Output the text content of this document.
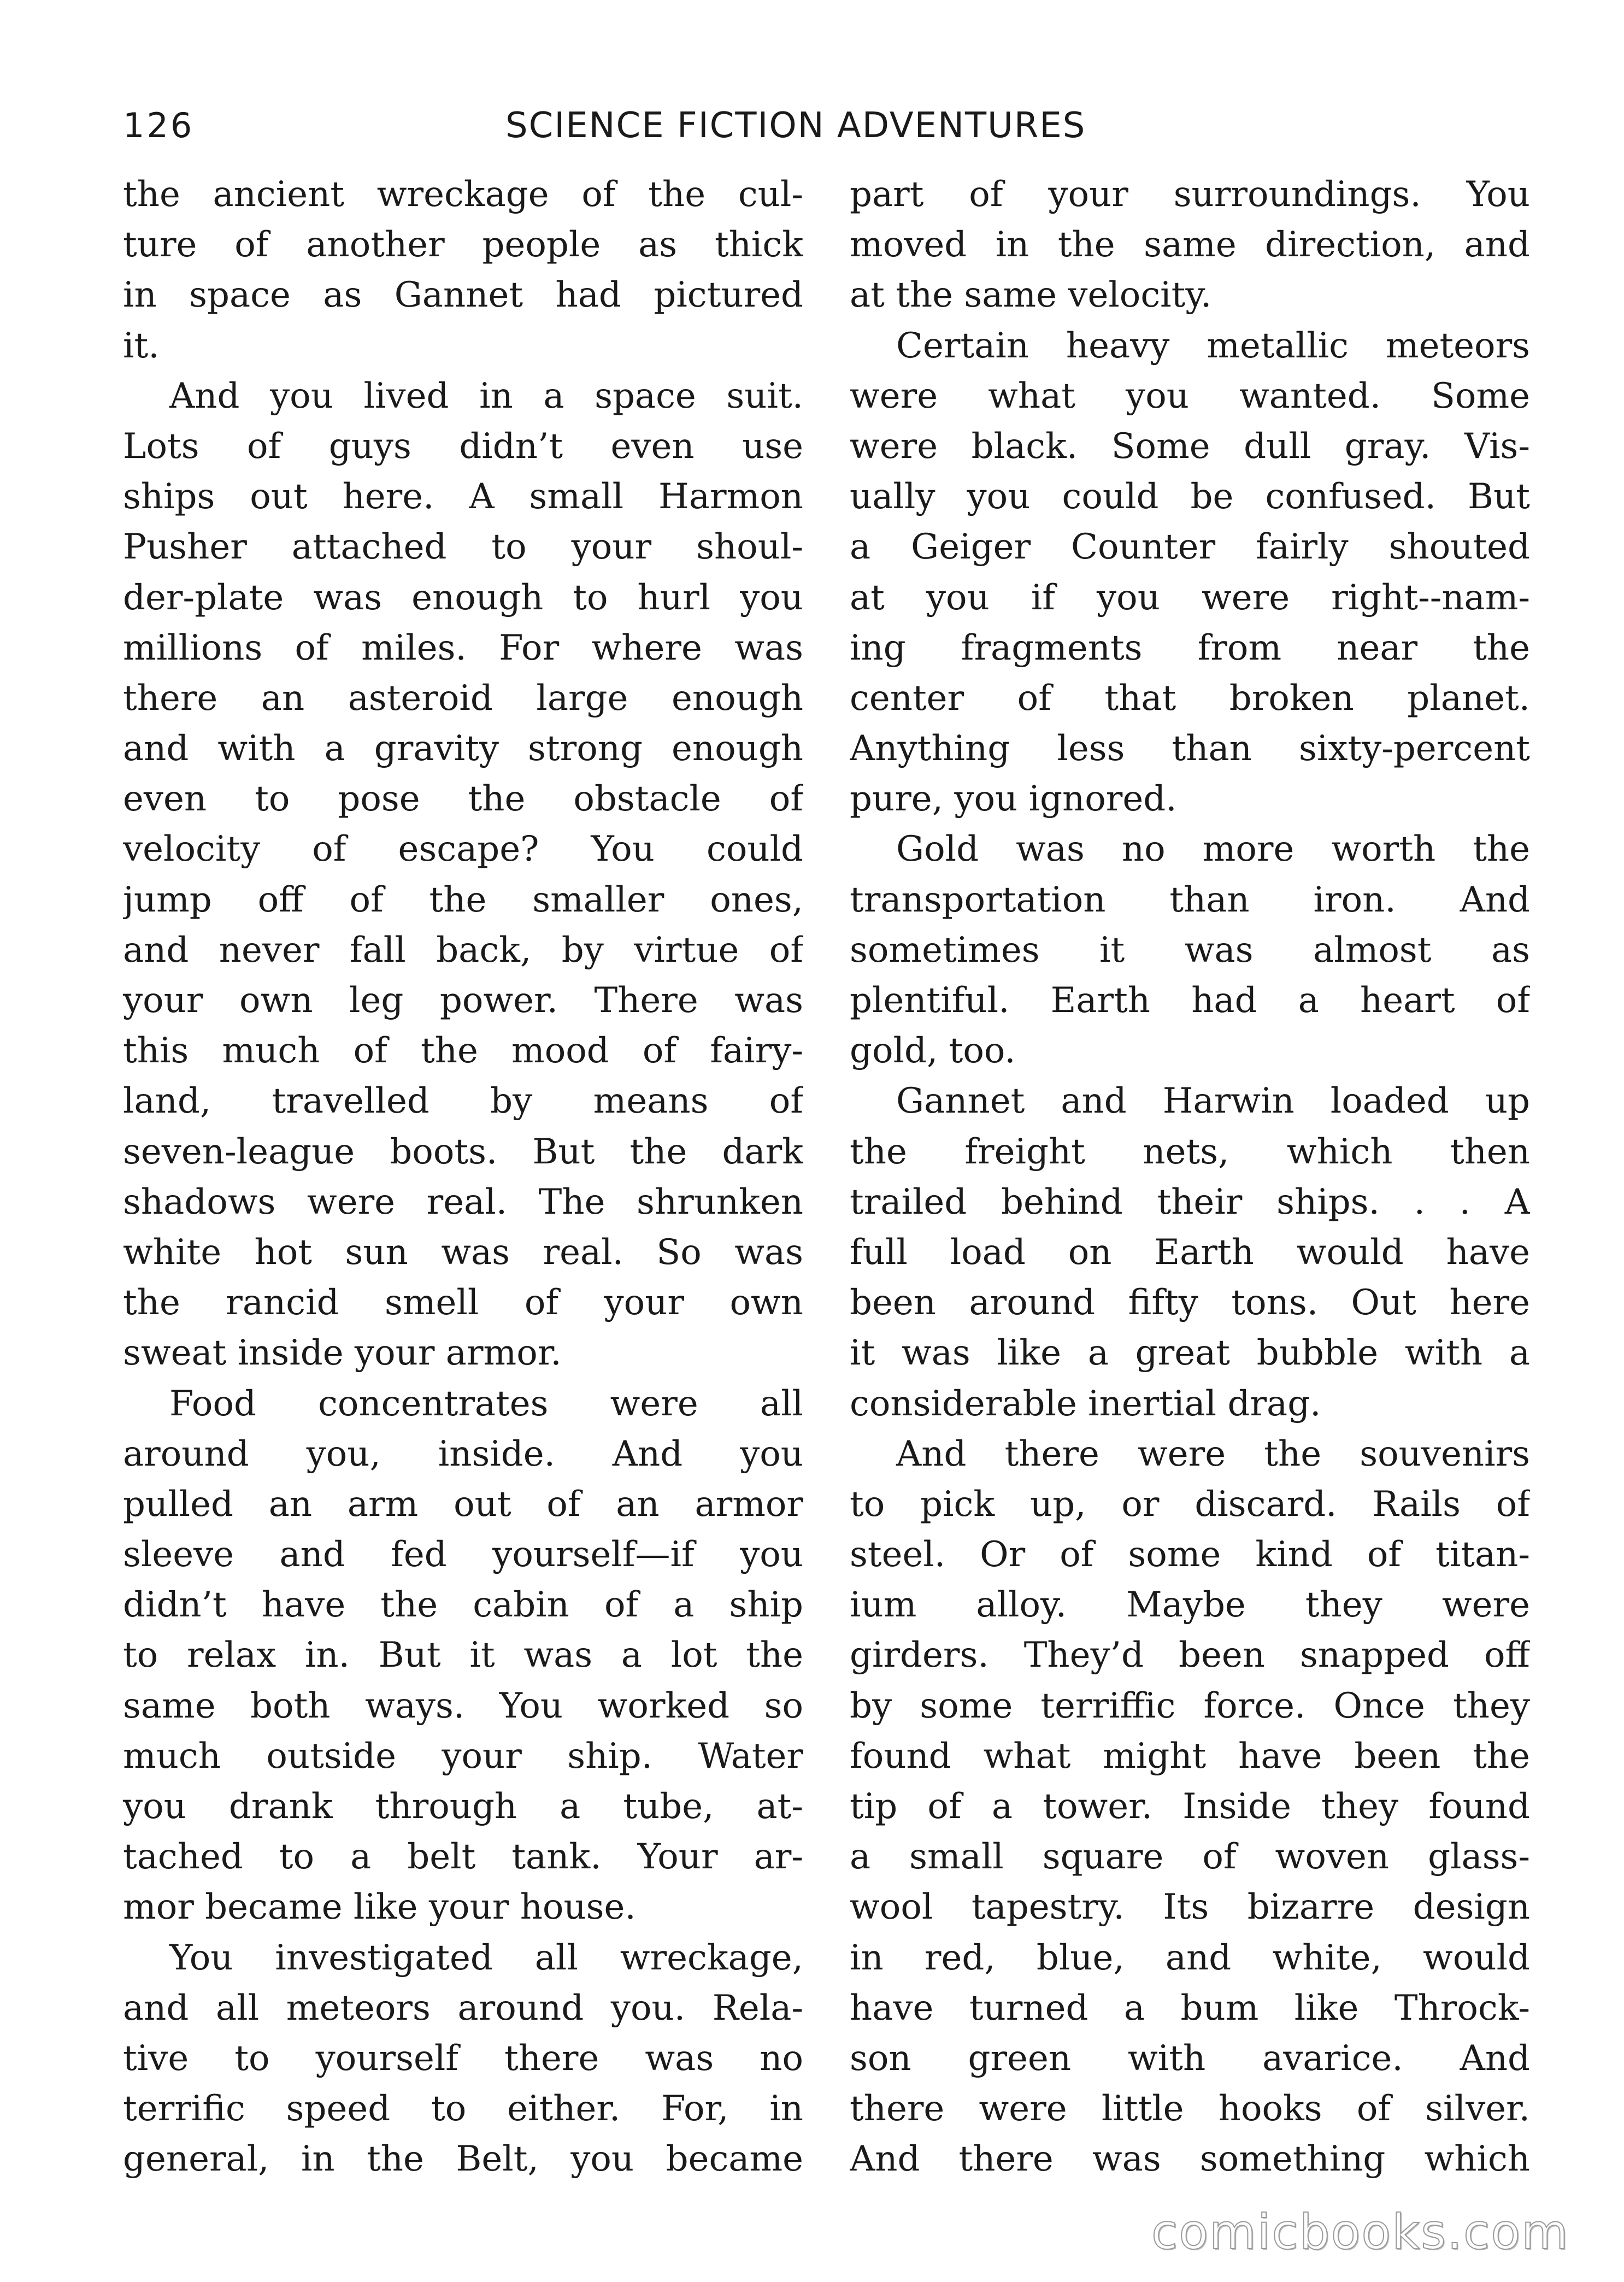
126	SCIENCE FICTION ADVENTURES
the ancient wreckage of the cul-
ture of another people as thick
in space as Gannet had pictured
it.
And you lived in a space suit.
Lots of guys didn’t even use
ships out here. A small Harmon
Pusher attached to your shoul-
der-plate was enough to hurl you
millions of miles. For where was
there an asteroid large enough
and with a gravity strong enough
even to pose the obstacle of
velocity of escape? You could
jump off of the smaller ones,
and never fall back, by virtue of
your own leg power. There was
this much of the mood of fairy-
land, travelled by means of
seven-league boots. But the dark
shadows were real. The shrunken
white hot sun was real. So was
the rancid smell of your own
sweat inside your armor.
Food concentrates were all
around you, inside. And you
pulled an arm out of an armor
sleeve and fed yourself—if you
didn’t have the cabin of a ship
to relax in. But it was a lot the
same both ways. You worked so
much outside your ship. Water
you drank through a tube, at-
tached to a belt tank. Your ar-
mor became like your house.
You investigated all wreckage,
and all meteors around you. Rela-
tive to yourself there was no
terrific speed to either. For, in
general, in the Belt, you became
part of your surroundings. You
moved in the same direction, and
at the same velocity.
Certain heavy metallic meteors
were what you wanted. Some
were black. Some dull gray. Vis-
ually you could be confused. But
a Geiger Counter fairly shouted
at you if you were right--nam-
ing fragments from near the
center of that broken planet.
Anything less than sixty-percent
pure, you ignored.
Gold was no more worth the
transportation than iron. And
sometimes it was almost as
plentiful. Earth had a heart of
gold, too.
Gannet and Harwin loaded up
the freight nets, which then
trailed behind their ships. . . A
full load on Earth would have
been around fifty tons. Out here
it was like a great bubble with a
considerable inertial drag.
And there were the souvenirs
to pick up, or discard. Rails of
steel. Or of some kind of titan-
ium alloy. Maybe they were
girders. They’d been snapped off
by some terriffic force. Once they
found what might have been the
tip of a tower. Inside they found
a small square of woven glass-
wool tapestry. Its bizarre design
in red, blue, and white, would
have turned a bum like Throck-
son green with avarice. And
there were little hooks of silver.
And there was something which
comicbooks.com
